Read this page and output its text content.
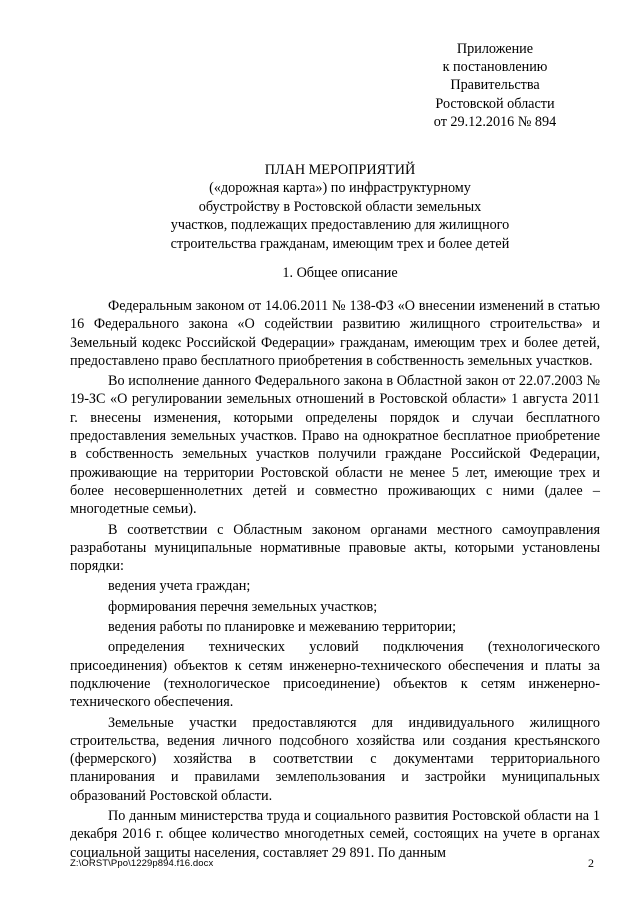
Приложение
к постановлению
Правительства
Ростовской области
от 29.12.2016 № 894
ПЛАН МЕРОПРИЯТИЙ
(«дорожная карта») по инфраструктурному
обустройству в Ростовской области земельных
участков, подлежащих предоставлению для жилищного
строительства гражданам, имеющим трех и более детей
1. Общее описание

Федеральным законом от 14.06.2011 № 138-ФЗ «О внесении изменений в статью 16 Федерального закона «О содействии развитию жилищного строительства» и Земельный кодекс Российской Федерации» гражданам, имеющим трех и более детей, предоставлено право бесплатного приобретения в собственность земельных участков.

Во исполнение данного Федерального закона в Областной закон от 22.07.2003 № 19-ЗС «О регулировании земельных отношений в Ростовской области» 1 августа 2011 г. внесены изменения, которыми определены порядок и случаи бесплатного предоставления земельных участков. Право на однократное бесплатное приобретение в собственность земельных участков получили граждане Российской Федерации, проживающие на территории Ростовской области не менее 5 лет, имеющие трех и более несовершеннолетних детей и совместно проживающих с ними (далее – многодетные семьи).

В соответствии с Областным законом органами местного самоуправления разработаны муниципальные нормативные правовые акты, которыми установлены порядки:

ведения учета граждан;
формирования перечня земельных участков;
ведения работы по планировке и межеванию территории;
определения технических условий подключения (технологического присоединения) объектов к сетям инженерно-технического обеспечения и платы за подключение (технологическое присоединение) объектов к сетям инженерно-технического обеспечения.

Земельные участки предоставляются для индивидуального жилищного строительства, ведения личного подсобного хозяйства или создания крестьянского (фермерского) хозяйства в соответствии с документами территориального планирования и правилами землепользования и застройки муниципальных образований Ростовской области.

По данным министерства труда и социального развития Ростовской области на 1 декабря 2016 г. общее количество многодетных семей, состоящих на учете в органах социальной защиты населения, составляет 29 891. По данным

Z:\ORST\Ppo\1229p894.f16.docx	2
